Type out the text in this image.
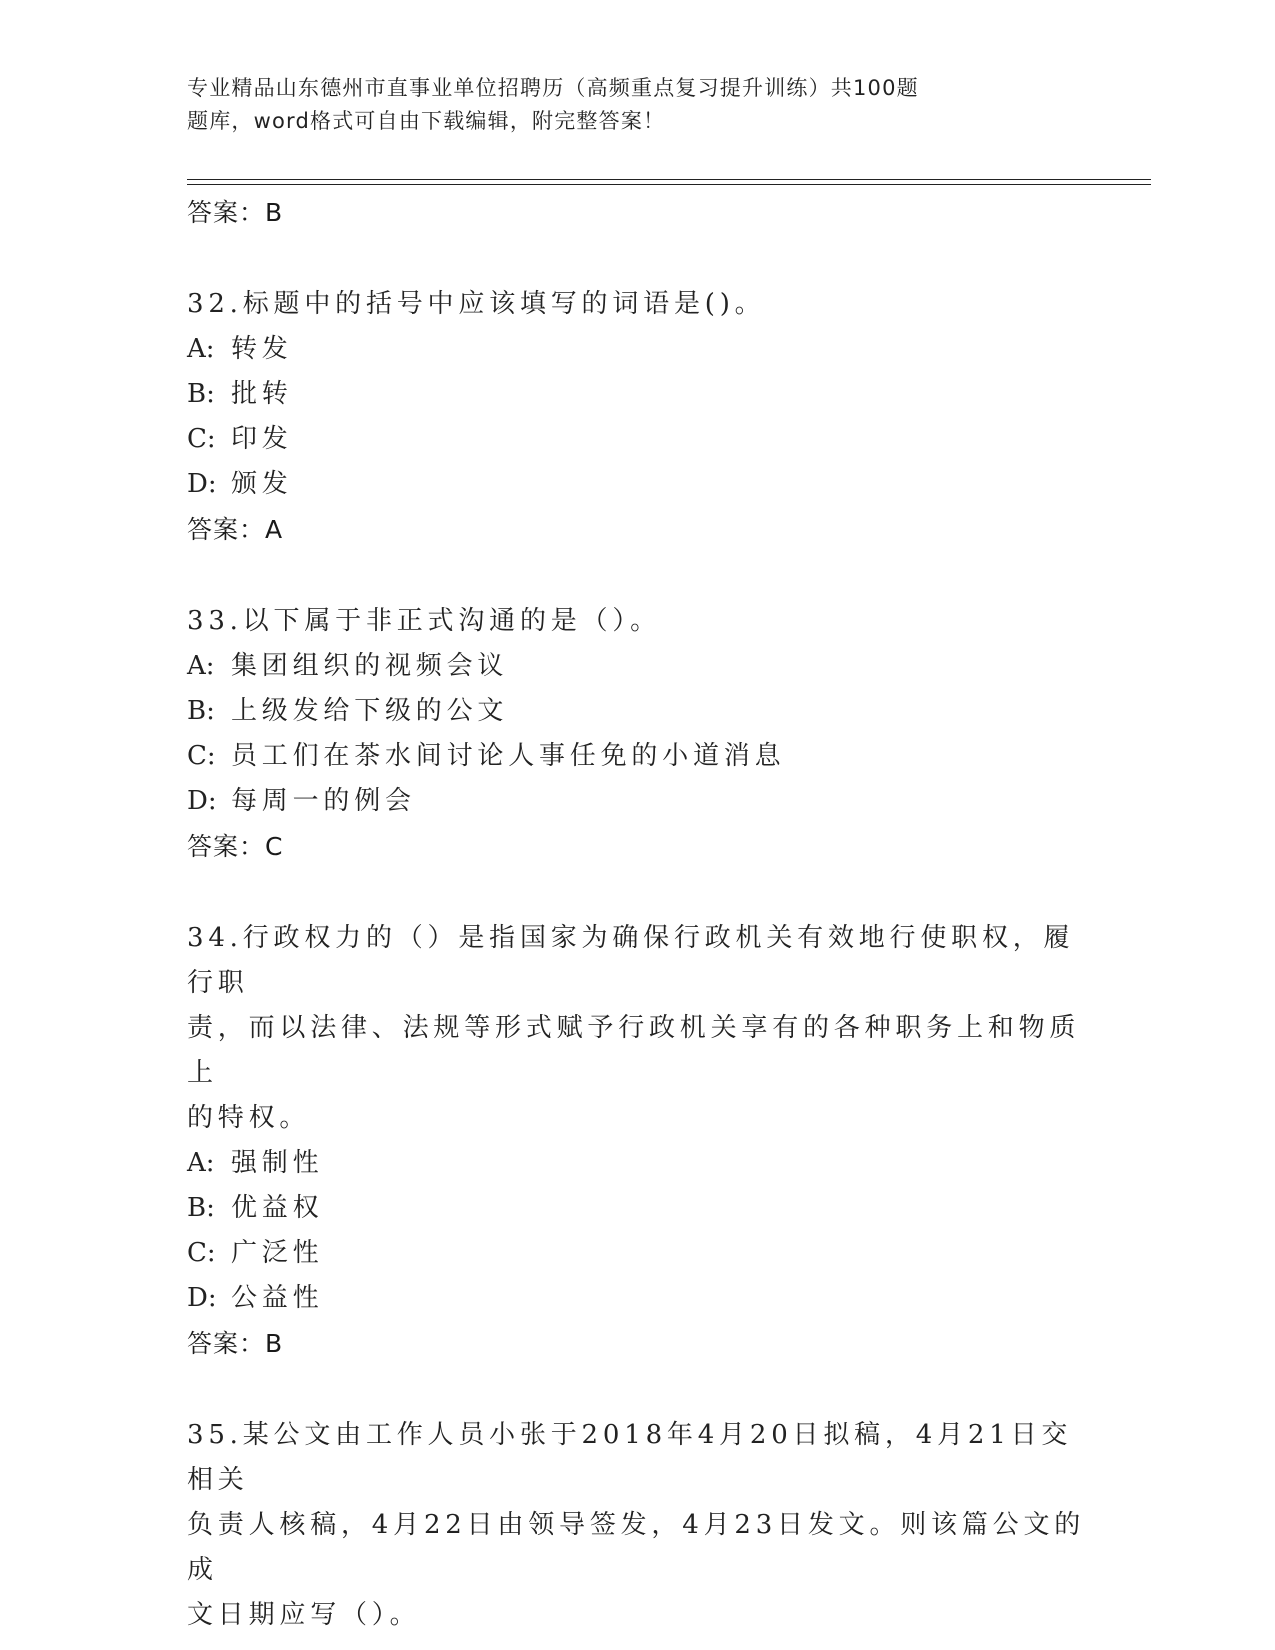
专业精品山东德州市直事业单位招聘历（高频重点复习提升训练）共100题
题库，word格式可自由下载编辑，附完整答案！
答案：B
32.标题中的括号中应该填写的词语是()。
A: 转发
B: 批转
C: 印发
D: 颁发
答案：A
33.以下属于非正式沟通的是（）。
A: 集团组织的视频会议
B: 上级发给下级的公文
C: 员工们在茶水间讨论人事任免的小道消息
D: 每周一的例会
答案：C
34.行政权力的（）是指国家为确保行政机关有效地行使职权，履行职
责，而以法律、法规等形式赋予行政机关享有的各种职务上和物质上
的特权。
A: 强制性
B: 优益权
C: 广泛性
D: 公益性
答案：B
35.某公文由工作人员小张于2018年4月20日拟稿，4月21日交相关
负责人核稿，4月22日由领导签发，4月23日发文。则该篇公文的成
文日期应写（）。
